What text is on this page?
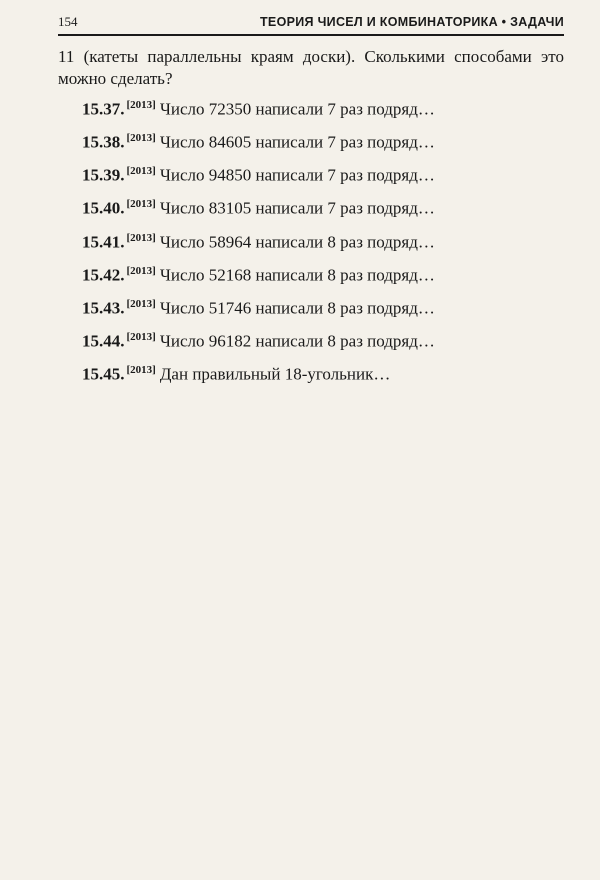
154	ТЕОРИЯ ЧИСЕЛ И КОМБИНАТОРИКА • ЗАДАЧИ

11 (катеты параллельны краям доски). Сколькими способами это можно сделать?

15.37. [2013] Число 72350 написали 7 раз подряд…

15.38. [2013] Число 84605 написали 7 раз подряд…

15.39. [2013] Число 94850 написали 7 раз подряд…

15.40. [2013] Число 83105 написали 7 раз подряд…

15.41. [2013] Число 58964 написали 8 раз подряд…

15.42. [2013] Число 52168 написали 8 раз подряд…

15.43. [2013] Число 51746 написали 8 раз подряд…

15.44. [2013] Число 96182 написали 8 раз подряд…

15.45. [2013] Дан правильный 18-угольник…
